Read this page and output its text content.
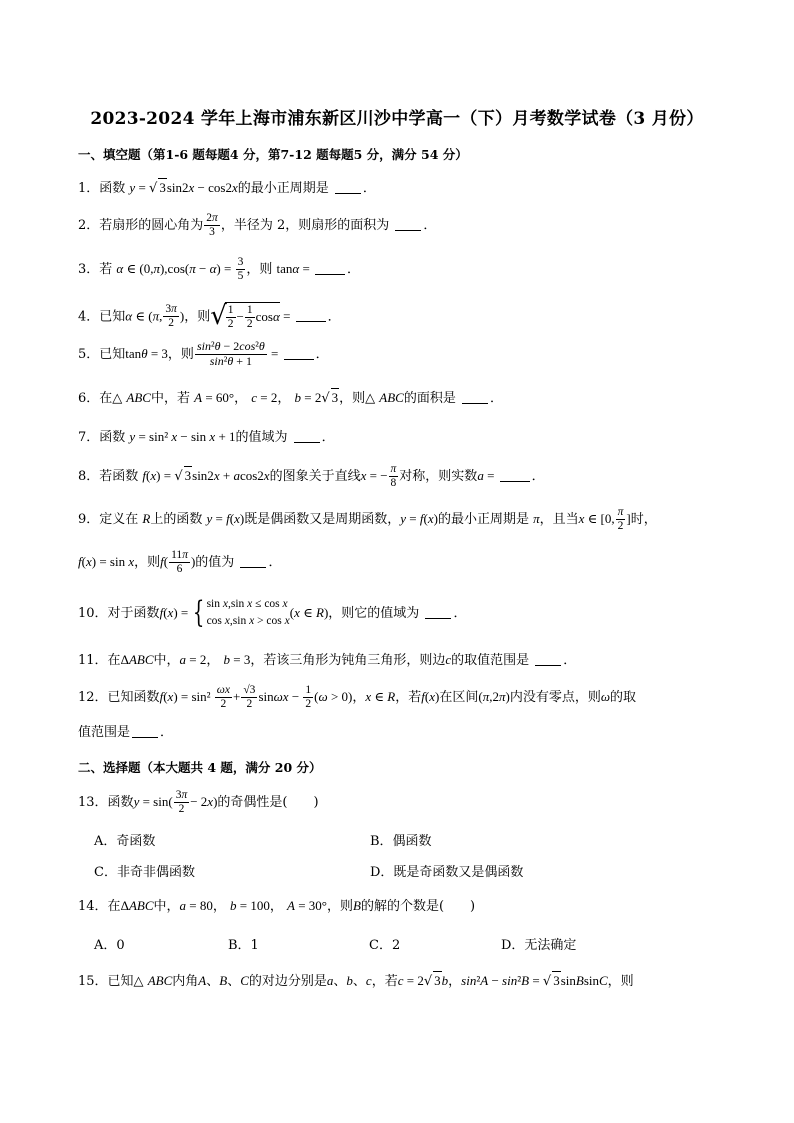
2023-2024 学年上海市浦东新区川沙中学高一（下）月考数学试卷（3 月份）
一、填空题（第1-6 题每题4 分，第7-12 题每题5 分，满分 54 分）
1．函数 y = √ 3sin2x − cos2x的最小正周期是 ．
2．若扇形的圆心角为 $\frac{2\pi}{3}$ ，半径为 2，则扇形的面积为 ．
3．若 α ∈ $(0,\pi),\cos(\pi - \alpha) = \frac{3}{5}$ ，则 tanα =	．
4．已知α ∈ (π, $\frac{3\pi}{2}$ )，则√ $\frac{1}{2} - \frac{1}{2}$ cosα =	．
5．已知tanθ = 3，则 $\frac{\text{sin²θ − 2cos²θ}}{\text{sin²θ + 1}}$ =	．
6．在△ ABC中，若 A = 60°， c = 2， b = 2√ 3，则△ ABC的面积是 ．
7．函数 y = sin² x − sin x + 1的值域为 ．
8．若函数 f(x) = √ 3sin2x + acos2x的图象关于直线x = − $\frac{\pi}{8}$ 对称，则实数a =	．
9．定义在 R上的函数 y = f(x)既是偶函数又是周期函数，y = f(x)的最小正周期是 π，且当x ∈ [0, $\frac{\pi}{2}$ ]时，
f(x) = sin x，则$f( \frac{11\pi}{6}$ )的值为 ．
10．对于函数f(x) = { sin x,sin x ≤ cos x
cos x,sin x > cos x
(x ∈ R)，则它的值域为 ．
11．在ΔABC中，a = 2， b = 3，若该三角形为钝角三角形，则边c的取值范围是 ．
12．已知函数$f(x) = \sin^2 \frac{\omega x}{2} + \frac{√3}{2}$ $\sin\omega x - \frac{1}{2} (\omega > 0)$，x ∈ R，若f(x)在区间(π,2π)内没有零点，则ω的取
值范围是 ．
二、选择题（本大题共 4 题，满分 20 分）
13．函数$y = \sin( \frac{3\pi}{2} - 2x)$的奇偶性是(　　)
A．奇函数	B．偶函数
C．非奇非偶函数	D．既是奇函数又是偶函数
14．在ΔABC中，a = 80， b = 100， A = 30°，则B的解的个数是(　　)
A．0	B．1	C．2	D．无法确定
15．已知△ ABC内角A、B、C的对边分别是a、b、c，若c = 2√ 3b，sin²A − sin²B = √ 3sinBsinC，则
